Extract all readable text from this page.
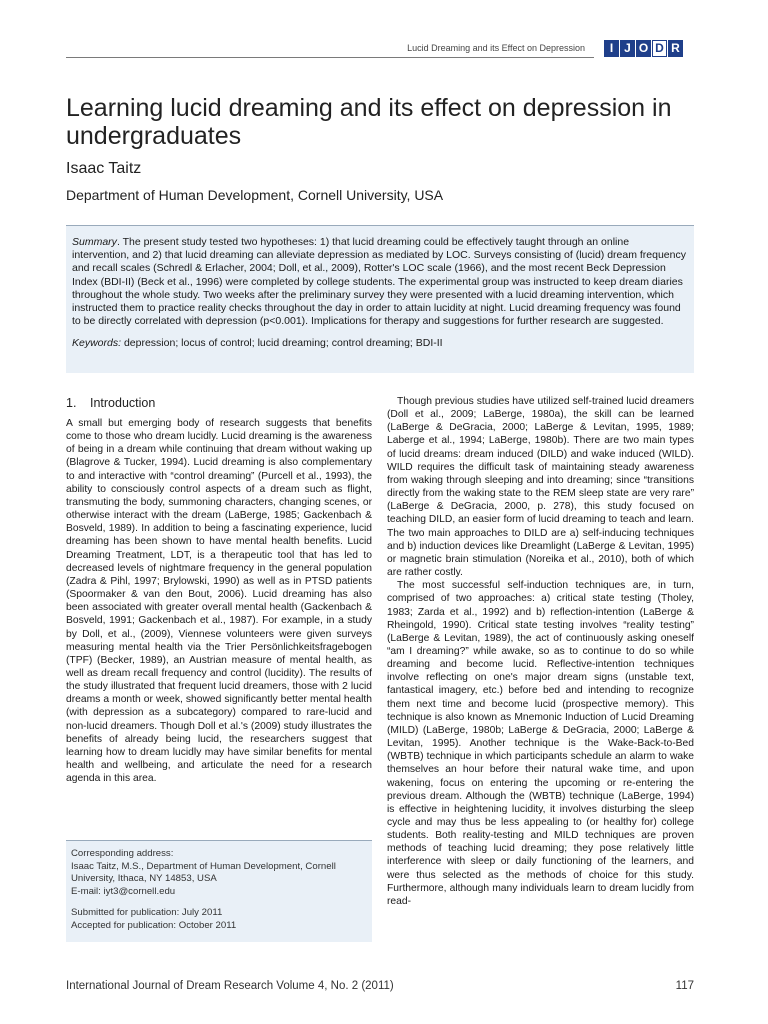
Lucid Dreaming and its Effect on Depression	I J O D R
Learning lucid dreaming and its effect on depression in undergraduates
Isaac Taitz
Department of Human Development, Cornell University, USA

Summary. The present study tested two hypotheses: 1) that lucid dreaming could be effectively taught through an online intervention, and 2) that lucid dreaming can alleviate depression as mediated by LOC. Surveys consisting of (lucid) dream frequency and recall scales (Schredl & Erlacher, 2004; Doll, et al., 2009), Rotter's LOC scale (1966), and the most recent Beck Depression Index (BDI-II) (Beck et al., 1996) were completed by college students. The experimental group was instructed to keep dream diaries throughout the whole study. Two weeks after the preliminary survey they were presented with a lucid dreaming intervention, which instructed them to practice reality checks throughout the day in order to attain lucidity at night. Lucid dreaming frequency was found to be directly correlated with depression (p<0.001). Implications for therapy and suggestions for further research are suggested.

Keywords: depression; locus of control; lucid dreaming; control dreaming; BDI-II
1. Introduction

A small but emerging body of research suggests that benefits come to those who dream lucidly. Lucid dreaming is the awareness of being in a dream while continuing that dream without waking up (Blagrove & Tucker, 1994). Lucid dreaming is also complementary to and interactive with “control dreaming” (Purcell et al., 1993), the ability to consciously control aspects of a dream such as flight, transmuting the body, summoning characters, changing scenes, or otherwise interact with the dream (LaBerge, 1985; Gackenbach & Bosveld, 1989). In addition to being a fascinating experience, lucid dreaming has been shown to have mental health benefits. Lucid Dreaming Treatment, LDT, is a therapeutic tool that has led to decreased levels of nightmare frequency in the general population (Zadra & Pihl, 1997; Brylowski, 1990) as well as in PTSD patients (Spoormaker & van den Bout, 2006). Lucid dreaming has also been associated with greater overall mental health (Gackenbach & Bosveld, 1991; Gackenbach et al., 1987). For example, in a study by Doll, et al., (2009), Viennese volunteers were given surveys measuring mental health via the Trier Persönlichkeitsfragebogen (TPF) (Becker, 1989), an Austrian measure of mental health, as well as dream recall frequency and control (lucidity). The results of the study illustrated that frequent lucid dreamers, those with 2 lucid dreams a month or week, showed significantly better mental health (with depression as a subcategory) compared to rare-lucid and non-lucid dreamers. Though Doll et al.'s (2009) study illustrates the benefits of already being lucid, the researchers suggest that learning how to dream lucidly may have similar benefits for mental health and wellbeing, and articulate the need for a research agenda in this area.

Though previous studies have utilized self-trained lucid dreamers (Doll et al., 2009; LaBerge, 1980a), the skill can be learned (LaBerge & DeGracia, 2000; LaBerge & Levitan, 1995, 1989; Laberge et al., 1994; LaBerge, 1980b). There are two main types of lucid dreams: dream induced (DILD) and wake induced (WILD). WILD requires the difficult task of maintaining steady awareness from waking through sleeping and into dreaming; since “transitions directly from the waking state to the REM sleep state are very rare” (LaBerge & DeGracia, 2000, p. 278), this study focused on teaching DILD, an easier form of lucid dreaming to teach and learn. The two main approaches to DILD are a) self-inducing techniques and b) induction devices like Dreamlight (LaBerge & Levitan, 1995) or magnetic brain stimulation (Noreika et al., 2010), both of which are rather costly.

The most successful self-induction techniques are, in turn, comprised of two approaches: a) critical state testing (Tholey, 1983; Zarda et al., 1992) and b) reflection-intention (LaBerge & Rheingold, 1990). Critical state testing involves “reality testing” (LaBerge & Levitan, 1989), the act of continuously asking oneself “am I dreaming?” while awake, so as to continue to do so while dreaming and become lucid. Reflective-intention techniques involve reflecting on one's major dream signs (unstable text, fantastical imagery, etc.) before bed and intending to recognize them next time and become lucid (prospective memory). This technique is also known as Mnemonic Induction of Lucid Dreaming (MILD) (LaBerge, 1980b; LaBerge & DeGracia, 2000; LaBerge & Levitan, 1995). Another technique is the Wake-Back-to-Bed (WBTB) technique in which participants schedule an alarm to wake themselves an hour before their natural wake time, and upon wakening, focus on entering the upcoming or re-entering the previous dream. Although the (WBTB) technique (LaBerge, 1994) is effective in heightening lucidity, it involves disturbing the sleep cycle and may thus be less appealing to (or healthy for) college students. Both reality-testing and MILD techniques are proven methods of teaching lucid dreaming; they pose relatively little interference with sleep or daily functioning of the learners, and were thus selected as the methods of choice for this study. Furthermore, although many individuals learn to dream lucidly from read-

Corresponding address:
Isaac Taitz, M.S., Department of Human Development, Cornell University, Ithaca, NY 14853, USA
E-mail: iyt3@cornell.edu
Submitted for publication: July 2011
Accepted for publication: October 2011
International Journal of Dream Research Volume 4, No. 2 (2011)	117
